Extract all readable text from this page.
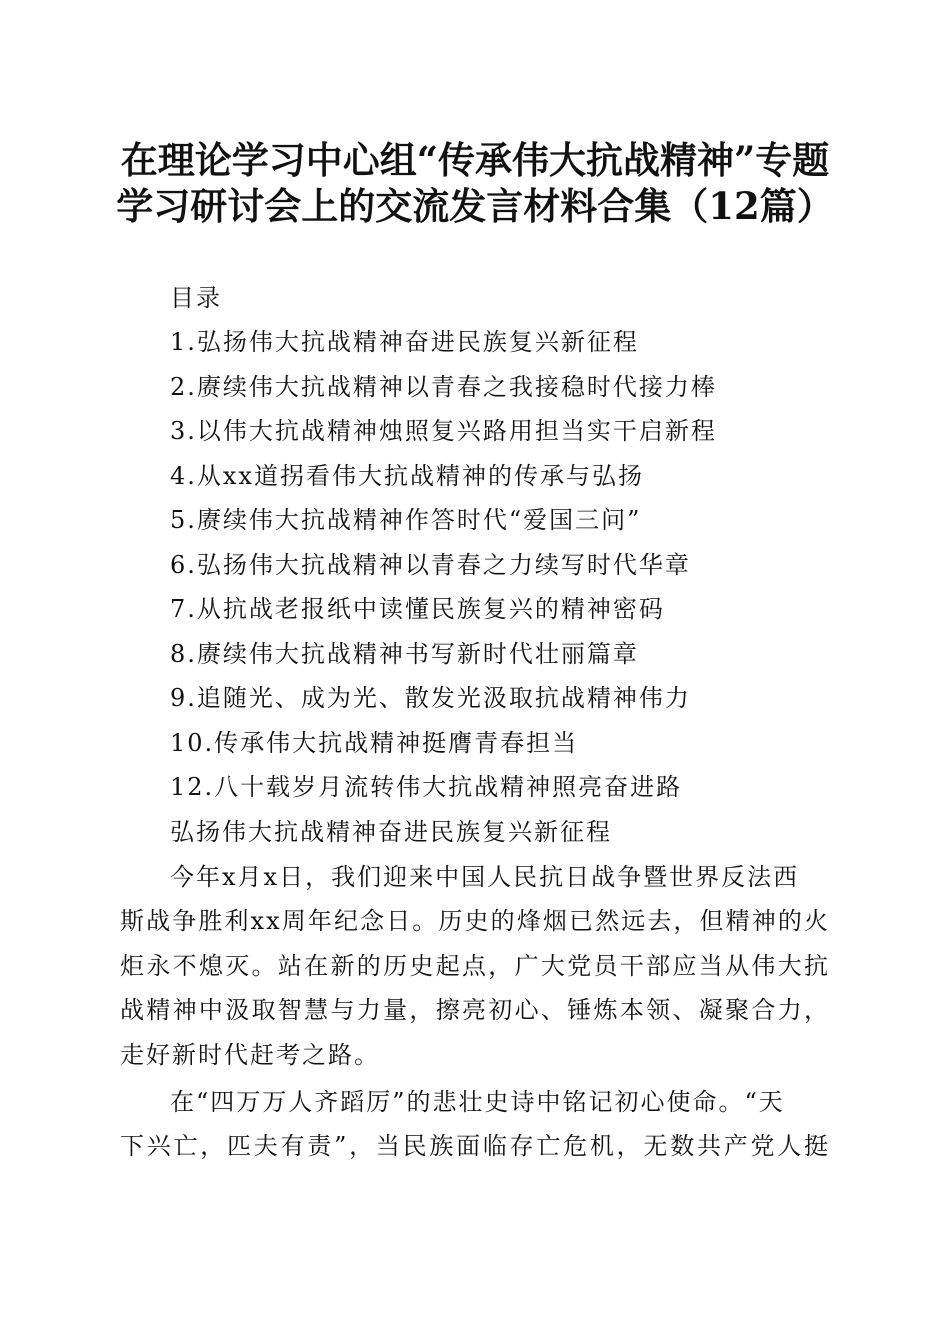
在理论学习中心组“传承伟大抗战精神”专题
学习研讨会上的交流发言材料合集（12篇）
目录
1.弘扬伟大抗战精神奋进民族复兴新征程
2.赓续伟大抗战精神以青春之我接稳时代接力棒
3.以伟大抗战精神烛照复兴路用担当实干启新程
4.从xx道拐看伟大抗战精神的传承与弘扬
5.赓续伟大抗战精神作答时代“爱国三问”
6.弘扬伟大抗战精神以青春之力续写时代华章
7.从抗战老报纸中读懂民族复兴的精神密码
8.赓续伟大抗战精神书写新时代壮丽篇章
9.追随光、成为光、散发光汲取抗战精神伟力
10.传承伟大抗战精神挺膺青春担当
12.八十载岁月流转伟大抗战精神照亮奋进路
弘扬伟大抗战精神奋进民族复兴新征程
今年x月x日，我们迎来中国人民抗日战争暨世界反法西
斯战争胜利xx周年纪念日。历史的烽烟已然远去，但精神的火
炬永不熄灭。站在新的历史起点，广大党员干部应当从伟大抗
战精神中汲取智慧与力量，擦亮初心、锤炼本领、凝聚合力，
走好新时代赶考之路。
在“四万万人齐蹈厉”的悲壮史诗中铭记初心使命。“天
下兴亡，匹夫有责”，当民族面临存亡危机，无数共产党人挺
